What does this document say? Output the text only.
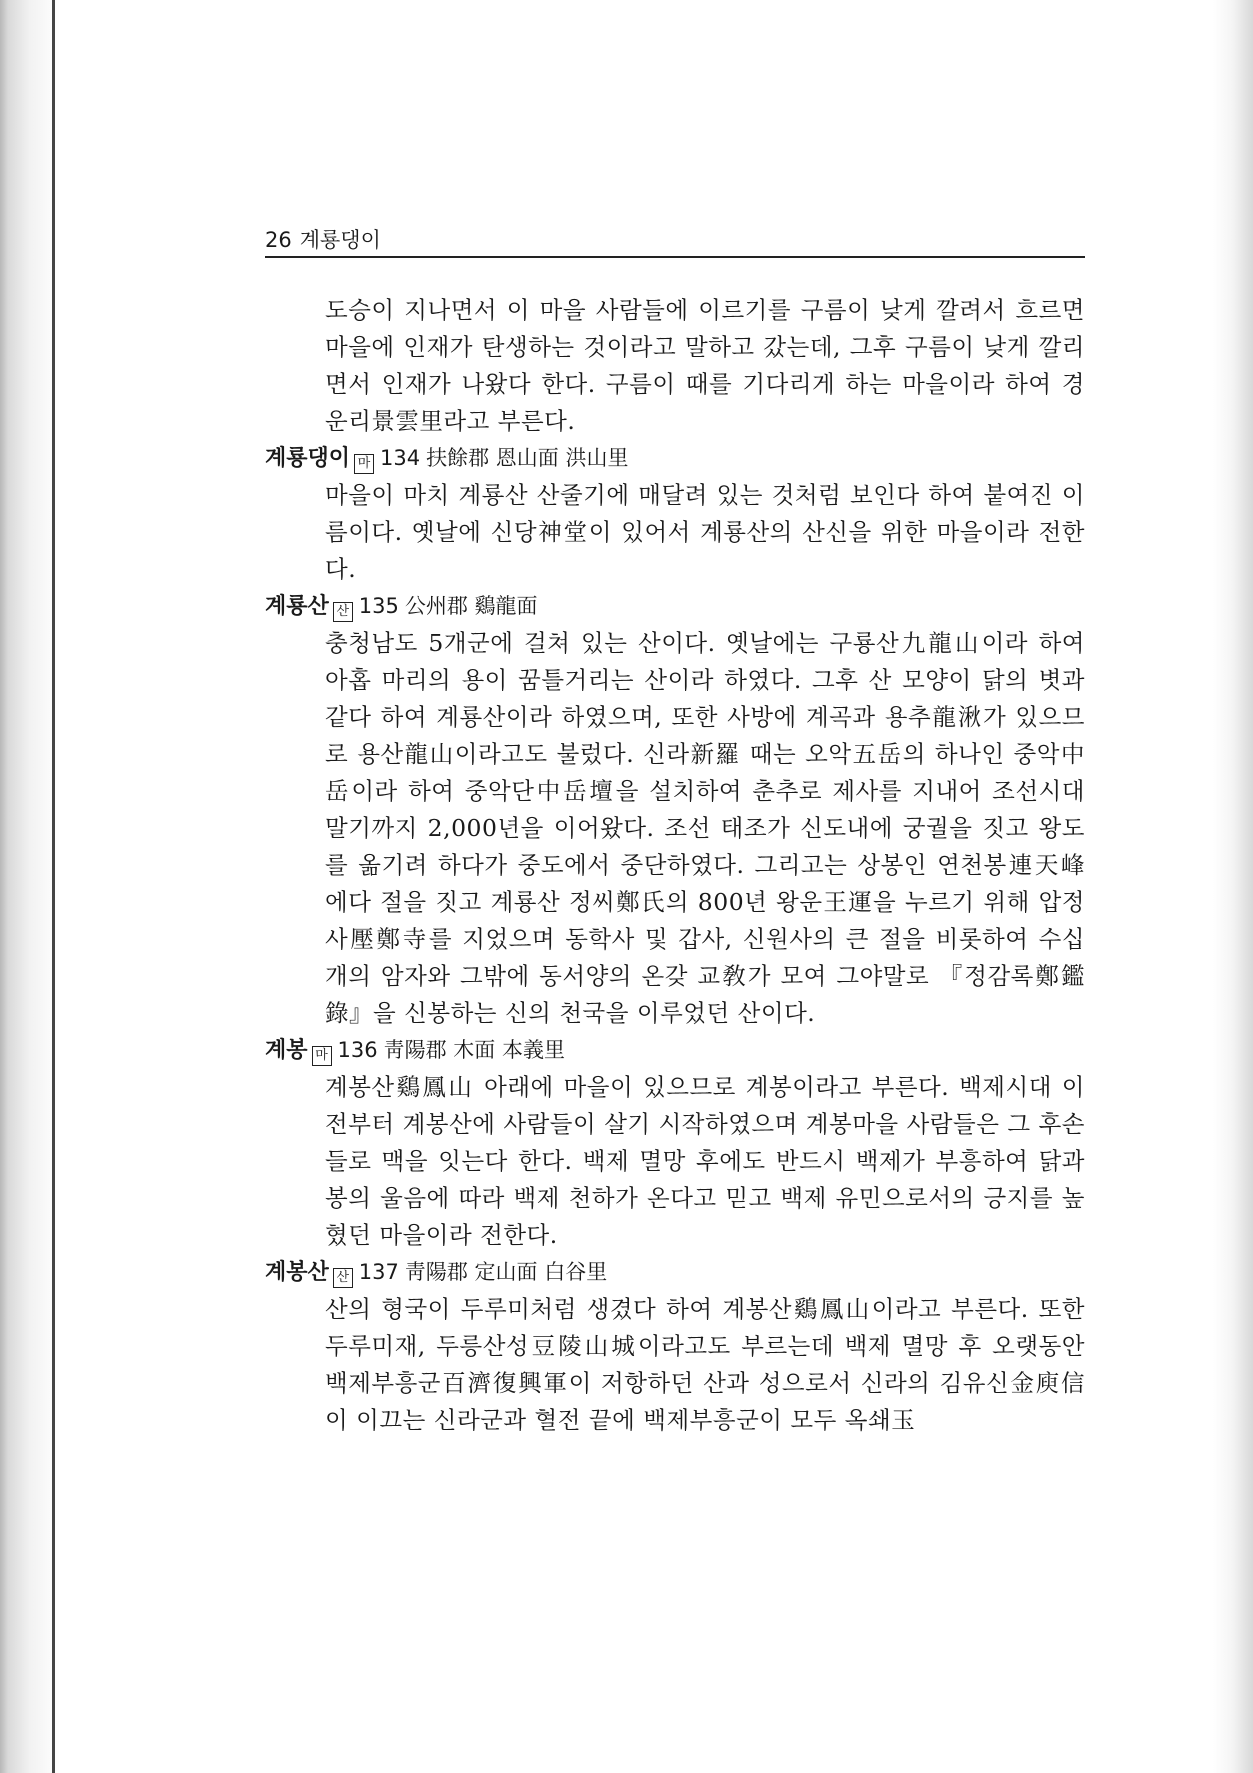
26 계룡댕이
도승이 지나면서 이 마을 사람들에 이르기를 구름이 낮게 깔려서 흐르면 마을에 인재가 탄생하는 것이라고 말하고 갔는데, 그후 구름이 낮게 깔리면서 인재가 나왔다 한다. 구름이 때를 기다리게 하는 마을이라 하여 경운리景雲里라고 부른다.
계룡댕이 마 134 扶餘郡 恩山面 洪山里
마을이 마치 계룡산 산줄기에 매달려 있는 것처럼 보인다 하여 붙여진 이름이다. 옛날에 신당神堂이 있어서 계룡산의 산신을 위한 마을이라 전한다.
계룡산 산 135 公州郡 鷄龍面
충청남도 5개군에 걸쳐 있는 산이다. 옛날에는 구룡산九龍山이라 하여 아홉 마리의 용이 꿈틀거리는 산이라 하였다. 그후 산 모양이 닭의 볏과 같다 하여 계룡산이라 하였으며, 또한 사방에 계곡과 용추龍湫가 있으므로 용산龍山이라고도 불렀다. 신라新羅 때는 오악五岳의 하나인 중악中岳이라 하여 중악단中岳壇을 설치하여 춘추로 제사를 지내어 조선시대 말기까지 2,000년을 이어왔다. 조선 태조가 신도내에 궁궐을 짓고 왕도를 옮기려 하다가 중도에서 중단하였다. 그리고는 상봉인 연천봉連天峰에다 절을 짓고 계룡산 정씨鄭氏의 800년 왕운王運을 누르기 위해 압정사壓鄭寺를 지었으며 동학사 및 갑사, 신원사의 큰 절을 비롯하여 수십 개의 암자와 그밖에 동서양의 온갖 교敎가 모여 그야말로 『정감록鄭鑑錄』을 신봉하는 신의 천국을 이루었던 산이다.
계봉 마 136 靑陽郡 木面 本義里
계봉산鷄鳳山 아래에 마을이 있으므로 계봉이라고 부른다. 백제시대 이전부터 계봉산에 사람들이 살기 시작하였으며 계봉마을 사람들은 그 후손들로 맥을 잇는다 한다. 백제 멸망 후에도 반드시 백제가 부흥하여 닭과 봉의 울음에 따라 백제 천하가 온다고 믿고 백제 유민으로서의 긍지를 높혔던 마을이라 전한다.
계봉산 산 137 靑陽郡 定山面 白谷里
산의 형국이 두루미처럼 생겼다 하여 계봉산鷄鳳山이라고 부른다. 또한 두루미재, 두릉산성豆陵山城이라고도 부르는데 백제 멸망 후 오랫동안 백제부흥군百濟復興軍이 저항하던 산과 성으로서 신라의 김유신金庾信이 이끄는 신라군과 혈전 끝에 백제부흥군이 모두 옥쇄玉
